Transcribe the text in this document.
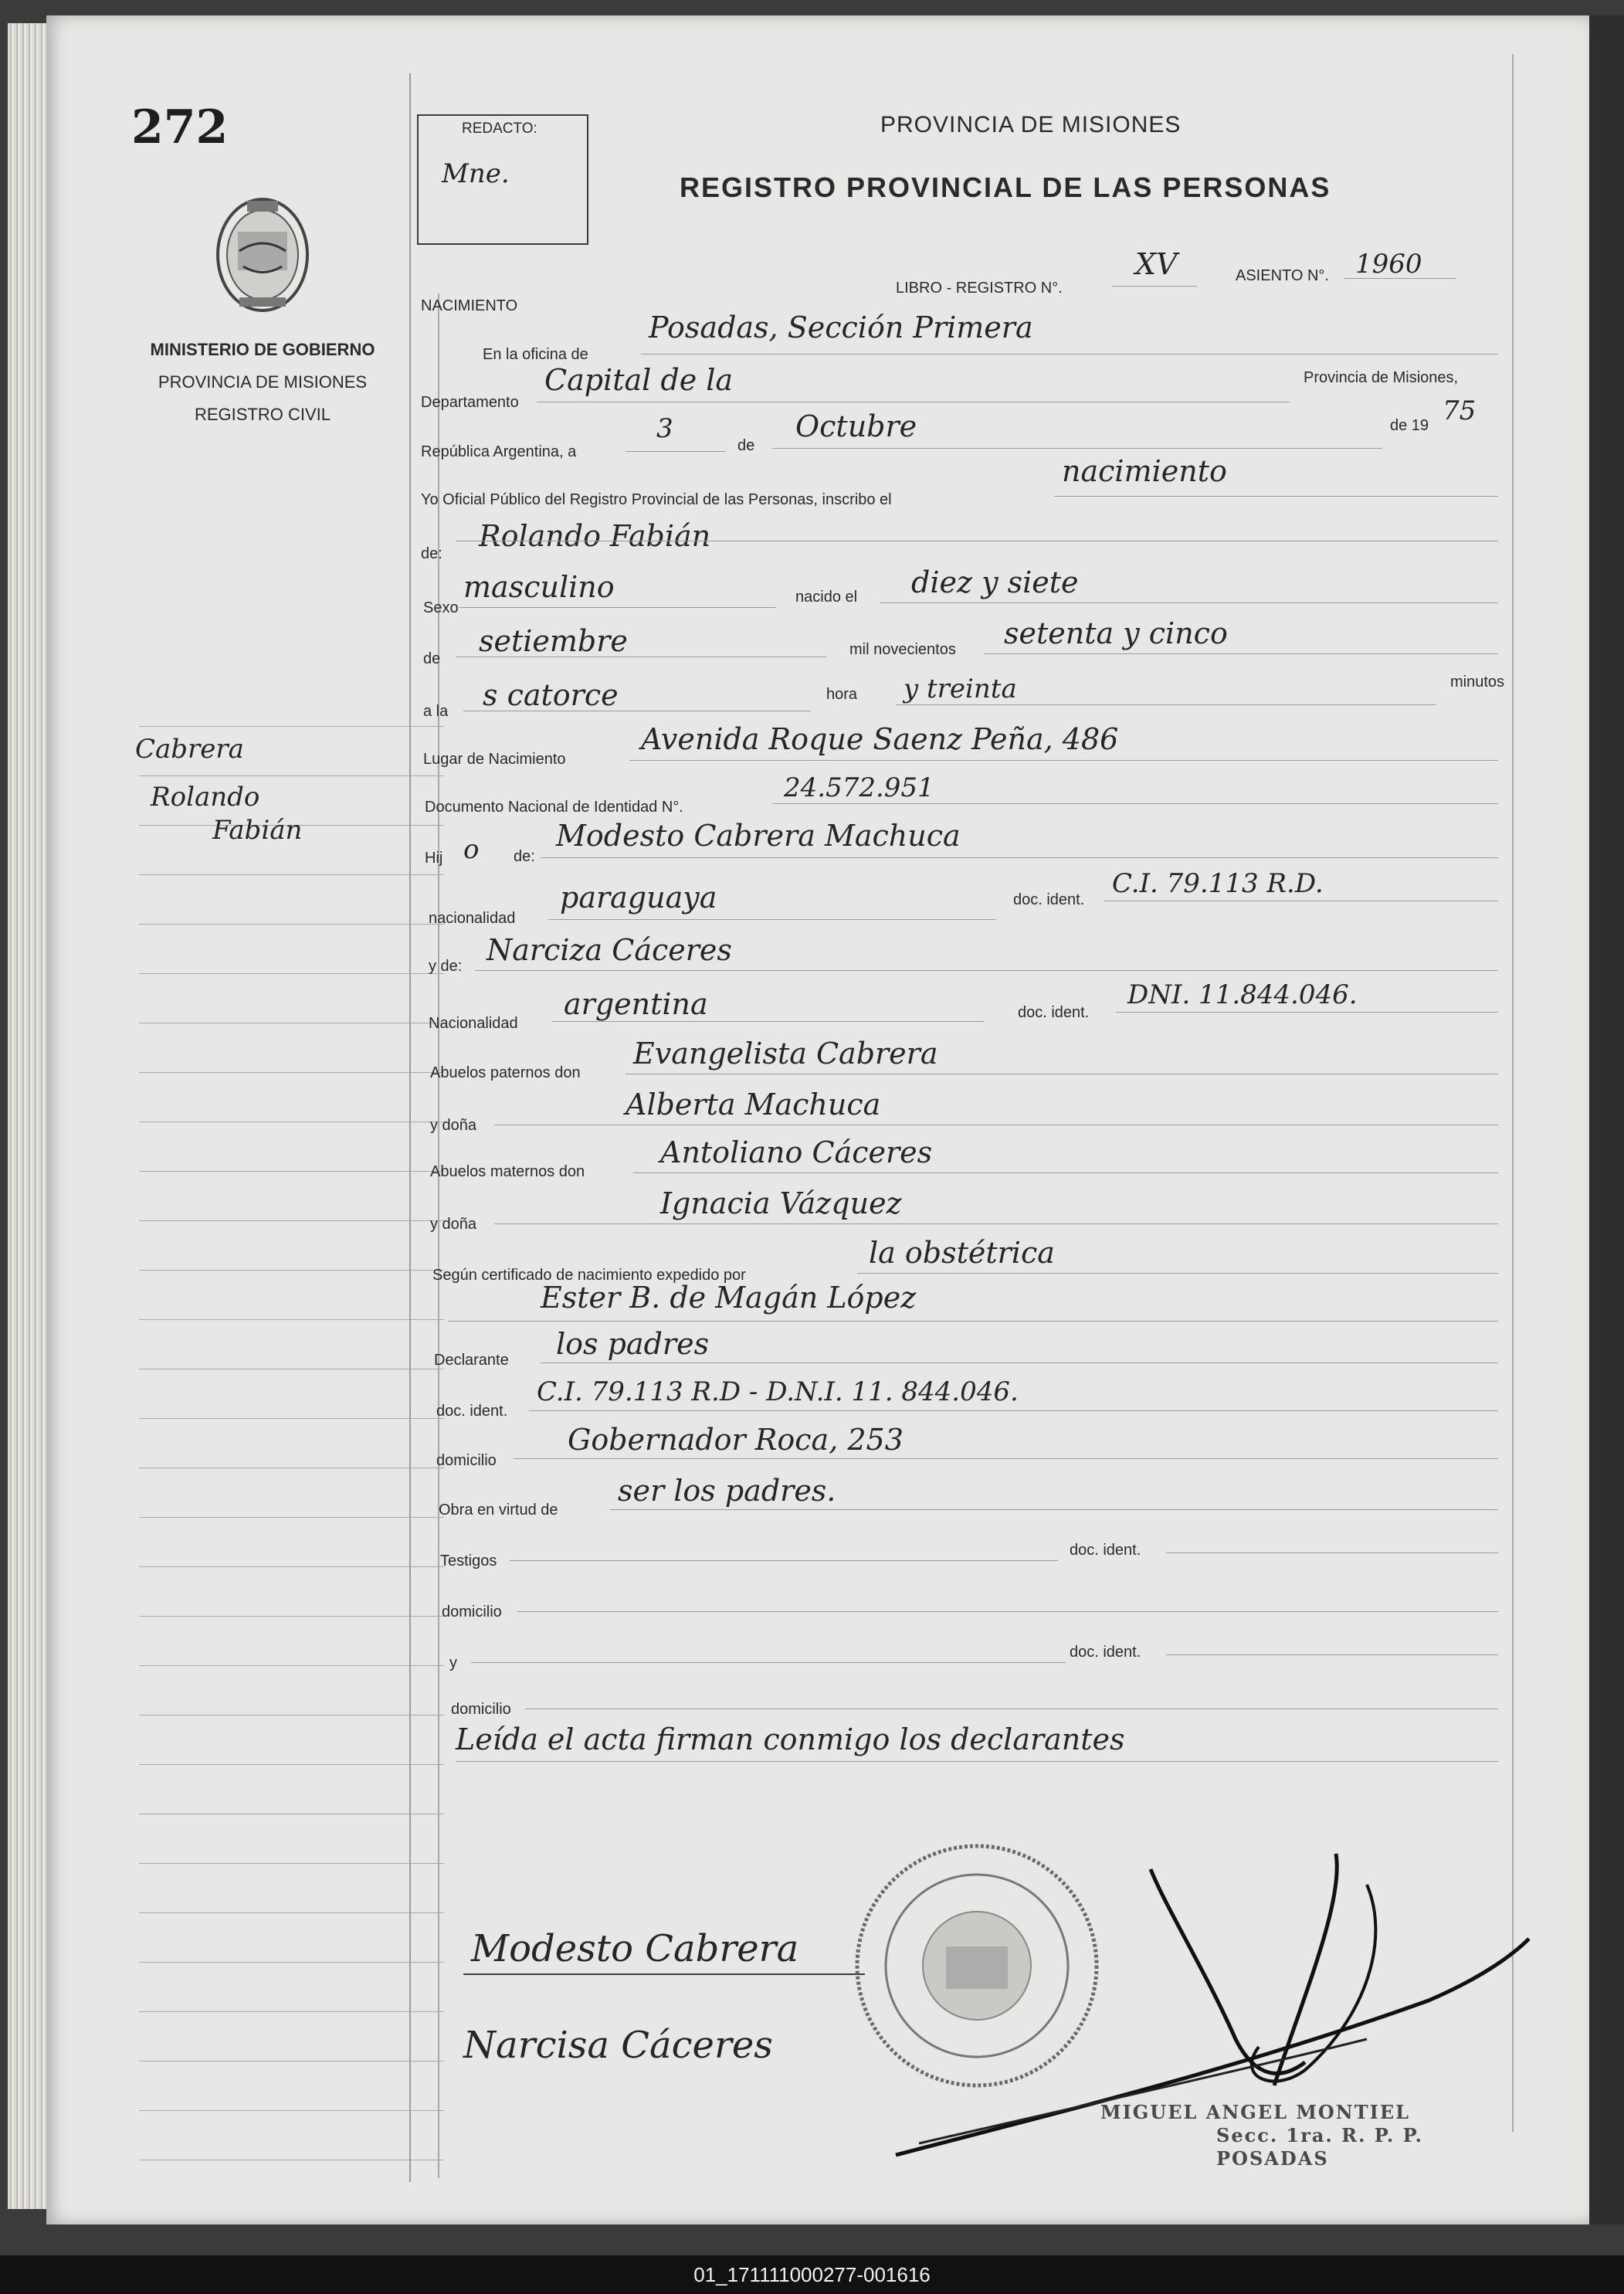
272
MINISTERIO DE GOBIERNO
PROVINCIA DE MISIONES
REGISTRO CIVIL
REDACTO:
Mne.
PROVINCIA DE MISIONES
REGISTRO PROVINCIAL DE LAS PERSONAS
LIBRO - REGISTRO N°.
XV	ASIENTO N°. 1960
NACIMIENTO
En la oficina de
Posadas, Sección Primera
Departamento
Capital de la	Provincia de Misiones,
República Argentina, a
3
de
Octubre	de 19 75
Yo Oficial Público del Registro Provincial de las Personas, inscribo el
nacimiento
de:
Rolando Fabián
Sexo
masculino	nacido el diez y siete
de
setiembre	mil novecientos setenta y cinco
a la s catorce	hora y treinta	minutos
Lugar de Nacimiento
Avenida Roque Saenz Peña, 486
Documento Nacional de Identidad N°.
24.572.951
Hij o de:
Modesto Cabrera Machuca
nacionalidad
paraguaya	doc. ident.
C.I. 79.113 R.D.
y de: Narciza Cáceres
Nacionalidad
argentina	doc. ident.
DNI. 11.844.046.
Abuelos paternos don
Evangelista Cabrera
y doña
Alberta Machuca
Abuelos maternos don
Antoliano Cáceres
y doña
Ignacia Vázquez
Según certificado de nacimiento expedido por
la obstétrica
Ester B. de Magán López
Declarante los padres
doc. ident.
C.I. 79.113 R.D - D.N.I. 11. 844.046.
domicilio
Gobernador Roca, 253
Obra en virtud de
ser los padres.
Testigos
doc. ident.
domicilio
y
doc. ident.
domicilio
Leída el acta firman conmigo los declarantes
Cabrera
Rolando
Fabián
Modesto Cabrera
Narcisa Cáceres
MIGUEL ANGEL MONTIEL
Secc. 1ra. R. P. P.
POSADAS
01_171111000277-001616
